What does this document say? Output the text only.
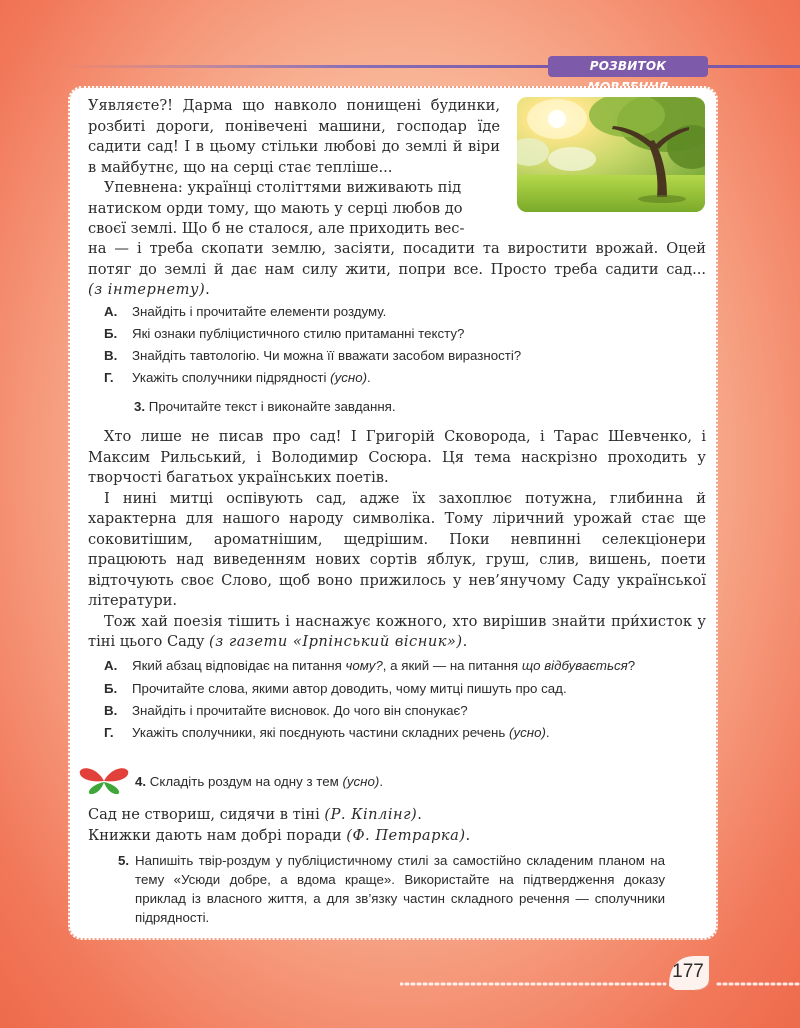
РОЗВИТОК

Уявляєте?! Дарма що навколо понищені будинки, розбиті дороги, понівечені машини, господар їде садити сад! І в цьому стільки любові до землі й віри в майбутнє, що на серці стає тепліше...

Упевнена: українці століттями виживають під

натиском орди тому, що мають у серці любов до

своєї землі. Що б не сталося, але приходить вес-

на — і треба скопати землю, засіяти, посадити та виростити врожай. Оцей

потяг до землі й дає нам силу жити, попри все. Просто треба садити сад...

(з інтернету).

А. Знайдіть і прочитайте елементи роздуму.
Б. Які ознаки публіцистичного стилю притаманні тексту?
В. Знайдіть тавтологію. Чи можна її вважати засобом виразності?
Г. Укажіть сполучники підрядності (усно).
3. Прочитайте текст і виконайте завдання.

Хто лише не писав про сад! І Григорій Сковорода, і Тарас Шевченко, і Максим Рильський, і Володимир Сосюра. Ця тема наскрізно проходить у творчості багатьох українських поетів.

І нині митці оспівують сад, адже їх захоплює потужна, глибинна й характерна для нашого народу символіка. Тому ліричний урожай стає ще соковитішим, ароматнішим, щедрішим. Поки невпинні селекціонери працюють над виведенням нових сортів яблук, груш, слив, вишень, поети відточують своє Слово, щоб воно прижилось у нев’янучому Саду української літератури.

Тож хай поезія тішить і наснажує кожного, хто вирішив знайти при́хисток у тіні цього Саду (з газети «Ірпінський вісник»).

А. Який абзац відповідає на питання чому?, а який — на питання що відбувається?
Б. Прочитайте слова, якими автор доводить, чому митці пишуть про сад.
В. Знайдіть і прочитайте висновок. До чого він спонукає?
Г. Укажіть сполучники, які поєднують частини складних речень (усно).
4. Складіть роздум на одну з тем (усно).

Сад не створиш, сидячи в тіні (Р. Кіплінг).

Книжки дають нам добрі поради (Ф. Петрарка).

5. Напишіть твір-роздум у публіцистичному стилі за самостійно складеним планом на тему «Усюди добре, а вдома краще». Використайте на підтвердження доказу приклад із власного життя, а для зв’язку частин складного речення — сполучники підрядності.
177
